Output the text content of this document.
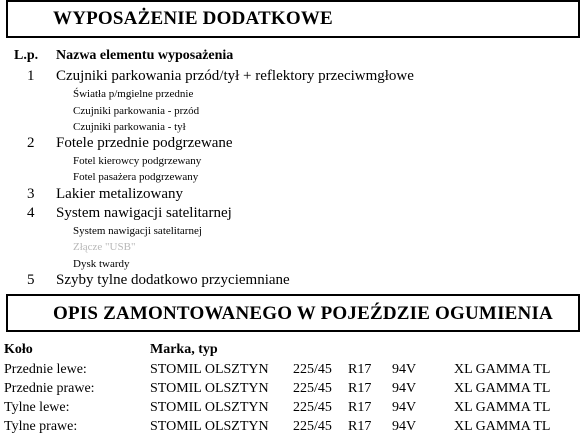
WYPOSAŻENIE DODATKOWE
L.p. Nazwa elementu wyposażenia
1 Czujniki parkowania przód/tył + reflektory przeciwmgłowe
Światła p/mgielne przednie
Czujniki parkowania - przód
Czujniki parkowania - tył
2 Fotele przednie podgrzewane
Fotel kierowcy podgrzewany
Fotel pasażera podgrzewany
3 Lakier metalizowany
4 System nawigacji satelitarnej
System nawigacji satelitarnej
Złącze "USB"
Dysk twardy
5 Szyby tylne dodatkowo przyciemniane
OPIS ZAMONTOWANEGO W POJEŹDZIE OGUMIENIA
Koło	Marka, typ
Przednie lewe:	STOMIL OLSZTYN 225/45 R17 94V	XL GAMMA TL
Przednie prawe:	STOMIL OLSZTYN 225/45 R17 94V	XL GAMMA TL
Tylne lewe:	STOMIL OLSZTYN 225/45 R17 94V	XL GAMMA TL
Tylne prawe:	STOMIL OLSZTYN 225/45 R17 94V	XL GAMMA TL
